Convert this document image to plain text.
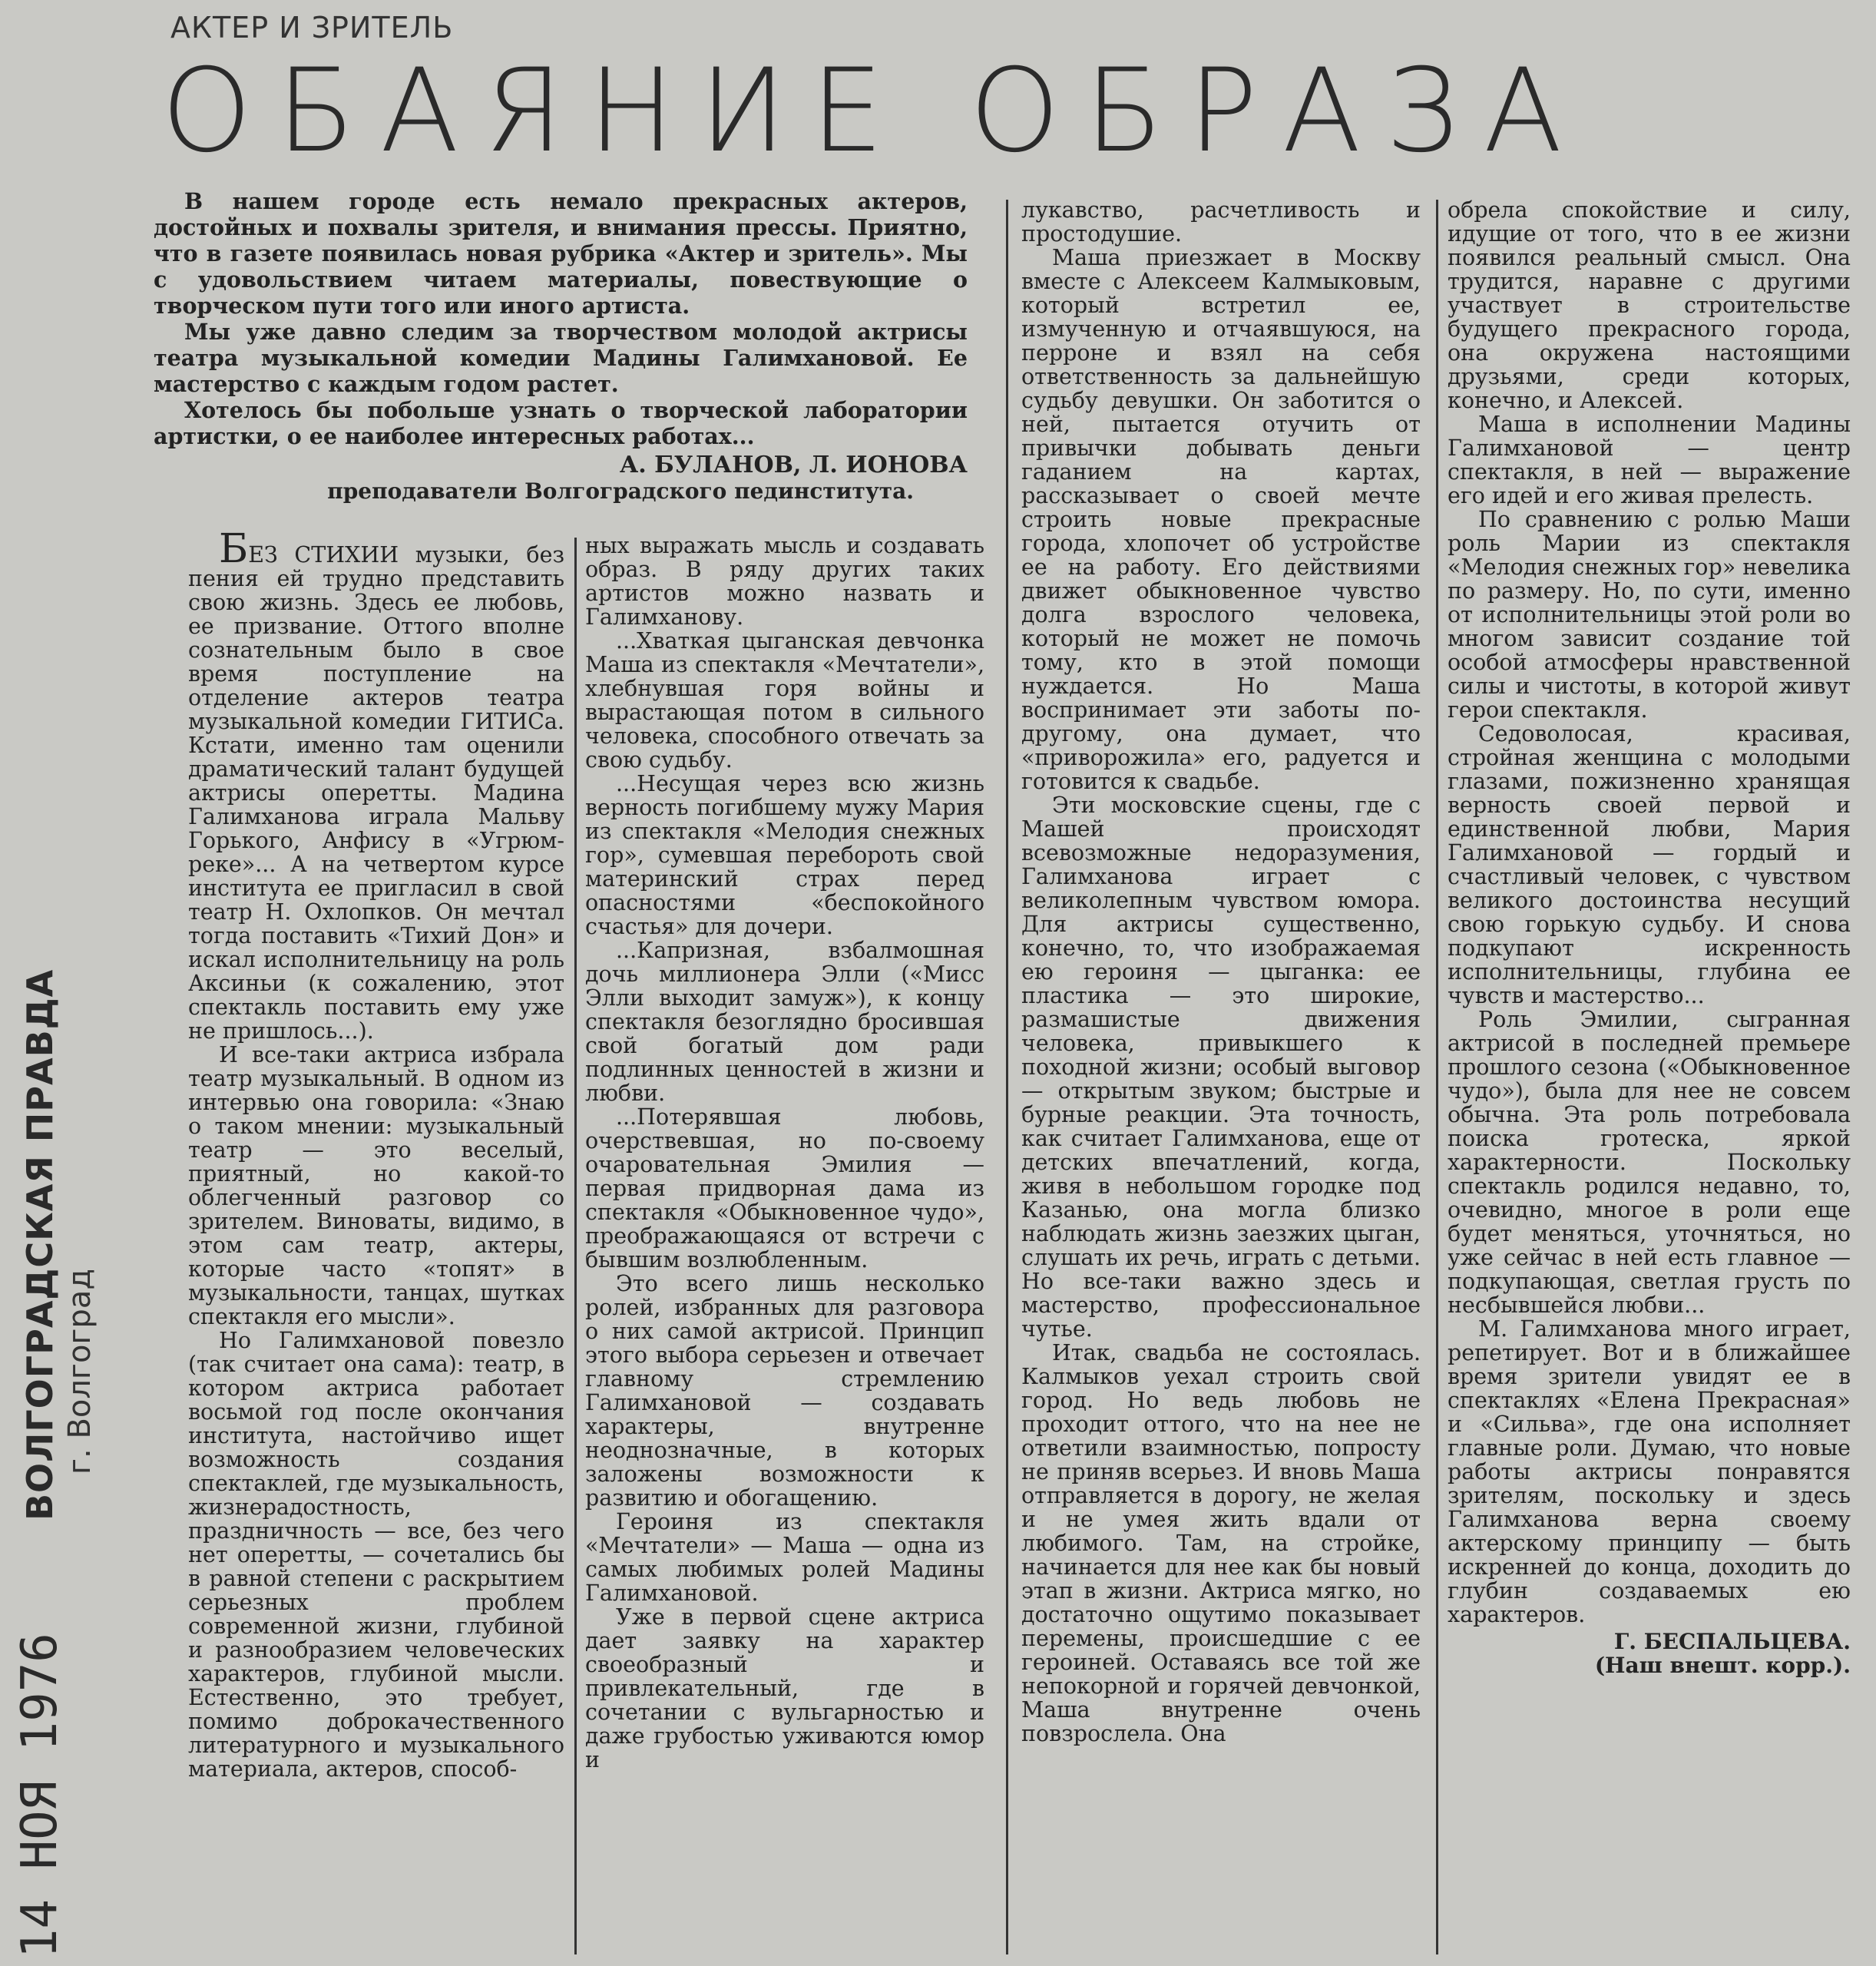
АКТЕР И ЗРИТЕЛЬ
ОБАЯНИЕ ОБРАЗА

В нашем городе есть немало прекрасных актеров, достойных и похвалы зрителя, и внимания прессы. Приятно, что в газете появилась новая рубрика «Актер и зритель». Мы с удовольствием читаем материалы, повествующие о творческом пути того или иного артиста.

Мы уже давно следим за творчеством молодой актрисы театра музыкальной комедии Мадины Галимхановой. Ее мастерство с каждым годом растет.

Хотелось бы побольше узнать о творческой лаборатории артистки, о ее наиболее интересных работах...

А. БУЛАНОВ, Л. ИОНОВА
преподаватели Волгоградского пединститута.

БЕЗ СТИХИИ музыки, без пения ей трудно представить свою жизнь. Здесь ее любовь, ее призвание. Оттого вполне сознательным было в свое время поступление на отделение актеров театра музыкальной комедии ГИТИСа. Кстати, именно там оценили драматический талант будущей актрисы оперетты. Мадина Галимханова играла Мальву Горького, Анфису в «Угрюм-реке»... А на четвертом курсе института ее пригласил в свой театр Н. Охлопков. Он мечтал тогда поставить «Тихий Дон» и искал исполнительницу на роль Аксиньи (к сожалению, этот спектакль поставить ему уже не пришлось...).

И все-таки актриса избрала театр музыкальный. В одном из интервью она говорила: «Знаю о таком мнении: музыкальный театр — это веселый, приятный, но какой-то облегченный разговор со зрителем. Виноваты, видимо, в этом сам театр, актеры, которые часто «топят» в музыкальности, танцах, шутках спектакля его мысли».

Но Галимхановой повезло (так считает она сама): театр, в котором актриса работает восьмой год после окончания института, настойчиво ищет возможность создания спектаклей, где музыкальность, жизнерадостность, праздничность — все, без чего нет оперетты, — сочетались бы в равной степени с раскрытием серьезных проблем современной жизни, глубиной и разнообразием человеческих характеров, глубиной мысли. Естественно, это требует, помимо доброкачественного литературного и музыкального материала, актеров, способ-

ных выражать мысль и создавать образ. В ряду других таких артистов можно назвать и Галимханову.

...Хваткая цыганская девчонка Маша из спектакля «Мечтатели», хлебнувшая горя войны и вырастающая потом в сильного человека, способного отвечать за свою судьбу.

...Несущая через всю жизнь верность погибшему мужу Мария из спектакля «Мелодия снежных гор», сумевшая перебороть свой материнский страх перед опасностями «беспокойного счастья» для дочери.

...Капризная, взбалмошная дочь миллионера Элли («Мисс Элли выходит замуж»), к концу спектакля безоглядно бросившая свой богатый дом ради подлинных ценностей в жизни и любви.

...Потерявшая любовь, очерствевшая, но по-своему очаровательная Эмилия — первая придворная дама из спектакля «Обыкновенное чудо», преображающаяся от встречи с бывшим возлюбленным.

Это всего лишь несколько ролей, избранных для разговора о них самой актрисой. Принцип этого выбора серьезен и отвечает главному стремлению Галимхановой — создавать характеры, внутренне неоднозначные, в которых заложены возможности к развитию и обогащению.

Героиня из спектакля «Мечтатели» — Маша — одна из самых любимых ролей Мадины Галимхановой.

Уже в первой сцене актриса дает заявку на характер своеобразный и привлекательный, где в сочетании с вульгарностью и даже грубостью уживаются юмор и

лукавство, расчетливость и простодушие.

Маша приезжает в Москву вместе с Алексеем Калмыковым, который встретил ее, измученную и отчаявшуюся, на перроне и взял на себя ответственность за дальнейшую судьбу девушки. Он заботится о ней, пытается отучить от привычки добывать деньги гаданием на картах, рассказывает о своей мечте строить новые прекрасные города, хлопочет об устройстве ее на работу. Его действиями движет обыкновенное чувство долга взрослого человека, который не может не помочь тому, кто в этой помощи нуждается. Но Маша воспринимает эти заботы по-другому, она думает, что «приворожила» его, радуется и готовится к свадьбе.

Эти московские сцены, где с Машей происходят всевозможные недоразумения, Галимханова играет с великолепным чувством юмора. Для актрисы существенно, конечно, то, что изображаемая ею героиня — цыганка: ее пластика — это широкие, размашистые движения человека, привыкшего к походной жизни; особый выговор — открытым звуком; быстрые и бурные реакции. Эта точность, как считает Галимханова, еще от детских впечатлений, когда, живя в небольшом городке под Казанью, она могла близко наблюдать жизнь заезжих цыган, слушать их речь, играть с детьми. Но все-таки важно здесь и мастерство, профессиональное чутье.

Итак, свадьба не состоялась. Калмыков уехал строить свой город. Но ведь любовь не проходит оттого, что на нее не ответили взаимностью, попросту не приняв всерьез. И вновь Маша отправляется в дорогу, не желая и не умея жить вдали от любимого. Там, на стройке, начинается для нее как бы новый этап в жизни. Актриса мягко, но достаточно ощутимо показывает перемены, происшедшие с ее героиней. Оставаясь все той же непокорной и горячей девчонкой, Маша внутренне очень повзрослела. Она

обрела спокойствие и силу, идущие от того, что в ее жизни появился реальный смысл. Она трудится, наравне с другими участвует в строительстве будущего прекрасного города, она окружена настоящими друзьями, среди которых, конечно, и Алексей.

Маша в исполнении Мадины Галимхановой — центр спектакля, в ней — выражение его идей и его живая прелесть.

По сравнению с ролью Маши роль Марии из спектакля «Мелодия снежных гор» невелика по размеру. Но, по сути, именно от исполнительницы этой роли во многом зависит создание той особой атмосферы нравственной силы и чистоты, в которой живут герои спектакля.

Седоволосая, красивая, стройная женщина с молодыми глазами, пожизненно хранящая верность своей первой и единственной любви, Мария Галимхановой — гордый и счастливый человек, с чувством великого достоинства несущий свою горькую судьбу. И снова подкупают искренность исполнительницы, глубина ее чувств и мастерство...

Роль Эмилии, сыгранная актрисой в последней премьере прошлого сезона («Обыкновенное чудо»), была для нее не совсем обычна. Эта роль потребовала поиска гротеска, яркой характерности. Поскольку спектакль родился недавно, то, очевидно, многое в роли еще будет меняться, уточняться, но уже сейчас в ней есть главное — подкупающая, светлая грусть по несбывшейся любви...

М. Галимханова много играет, репетирует. Вот и в ближайшее время зрители увидят ее в спектаклях «Елена Прекрасная» и «Сильва», где она исполняет главные роли. Думаю, что новые работы актрисы понравятся зрителям, поскольку и здесь Галимханова верна своему актерскому принципу — быть искренней до конца, доходить до глубин создаваемых ею характеров.

Г. БЕСПАЛЬЦЕВА.
(Наш внешт. корр.).
14 НОЯ 1976
ВОЛГОГРАДСКАЯ ПРАВДА г. Волгоград
